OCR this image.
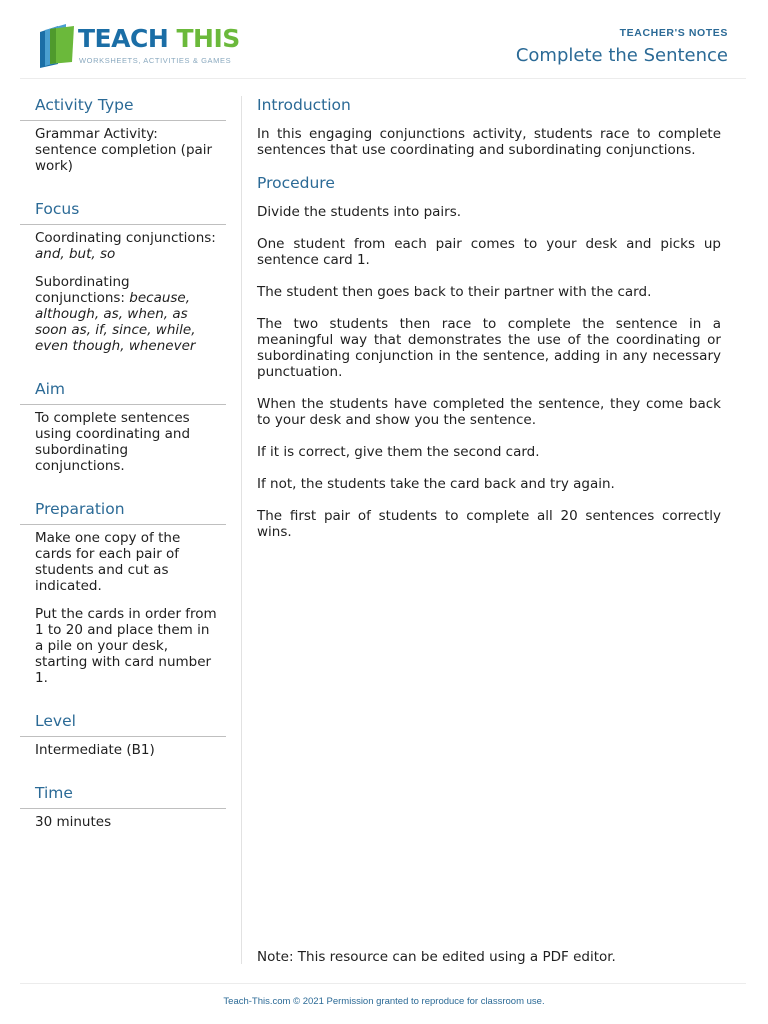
TEACH THIS
WORKSHEETS, ACTIVITIES & GAMES
TEACHER'S NOTES
Complete the Sentence
Activity Type

Grammar Activity: sentence completion (pair work)

Focus

Coordinating conjunctions: and, but, so

Subordinating conjunctions: because, although, as, when, as soon as, if, since, while, even though, whenever

Aim

To complete sentences using coordinating and subordinating conjunctions.

Preparation

Make one copy of the cards for each pair of students and cut as indicated.

Put the cards in order from 1 to 20 and place them in a pile on your desk, starting with card number 1.

Level

Intermediate (B1)

Time

30 minutes

Introduction

In this engaging conjunctions activity, students race to complete sentences that use coordinating and subordinating conjunctions.

Procedure

Divide the students into pairs.

One student from each pair comes to your desk and picks up sentence card 1.

The student then goes back to their partner with the card.

The two students then race to complete the sentence in a meaningful way that demonstrates the use of the coordinating or subordinating conjunction in the sentence, adding in any necessary punctuation.

When the students have completed the sentence, they come back to your desk and show you the sentence.

If it is correct, give them the second card.

If not, the students take the card back and try again.

The first pair of students to complete all 20 sentences correctly wins.

Note: This resource can be edited using a PDF editor.
Teach-This.com © 2021 Permission granted to reproduce for classroom use.
